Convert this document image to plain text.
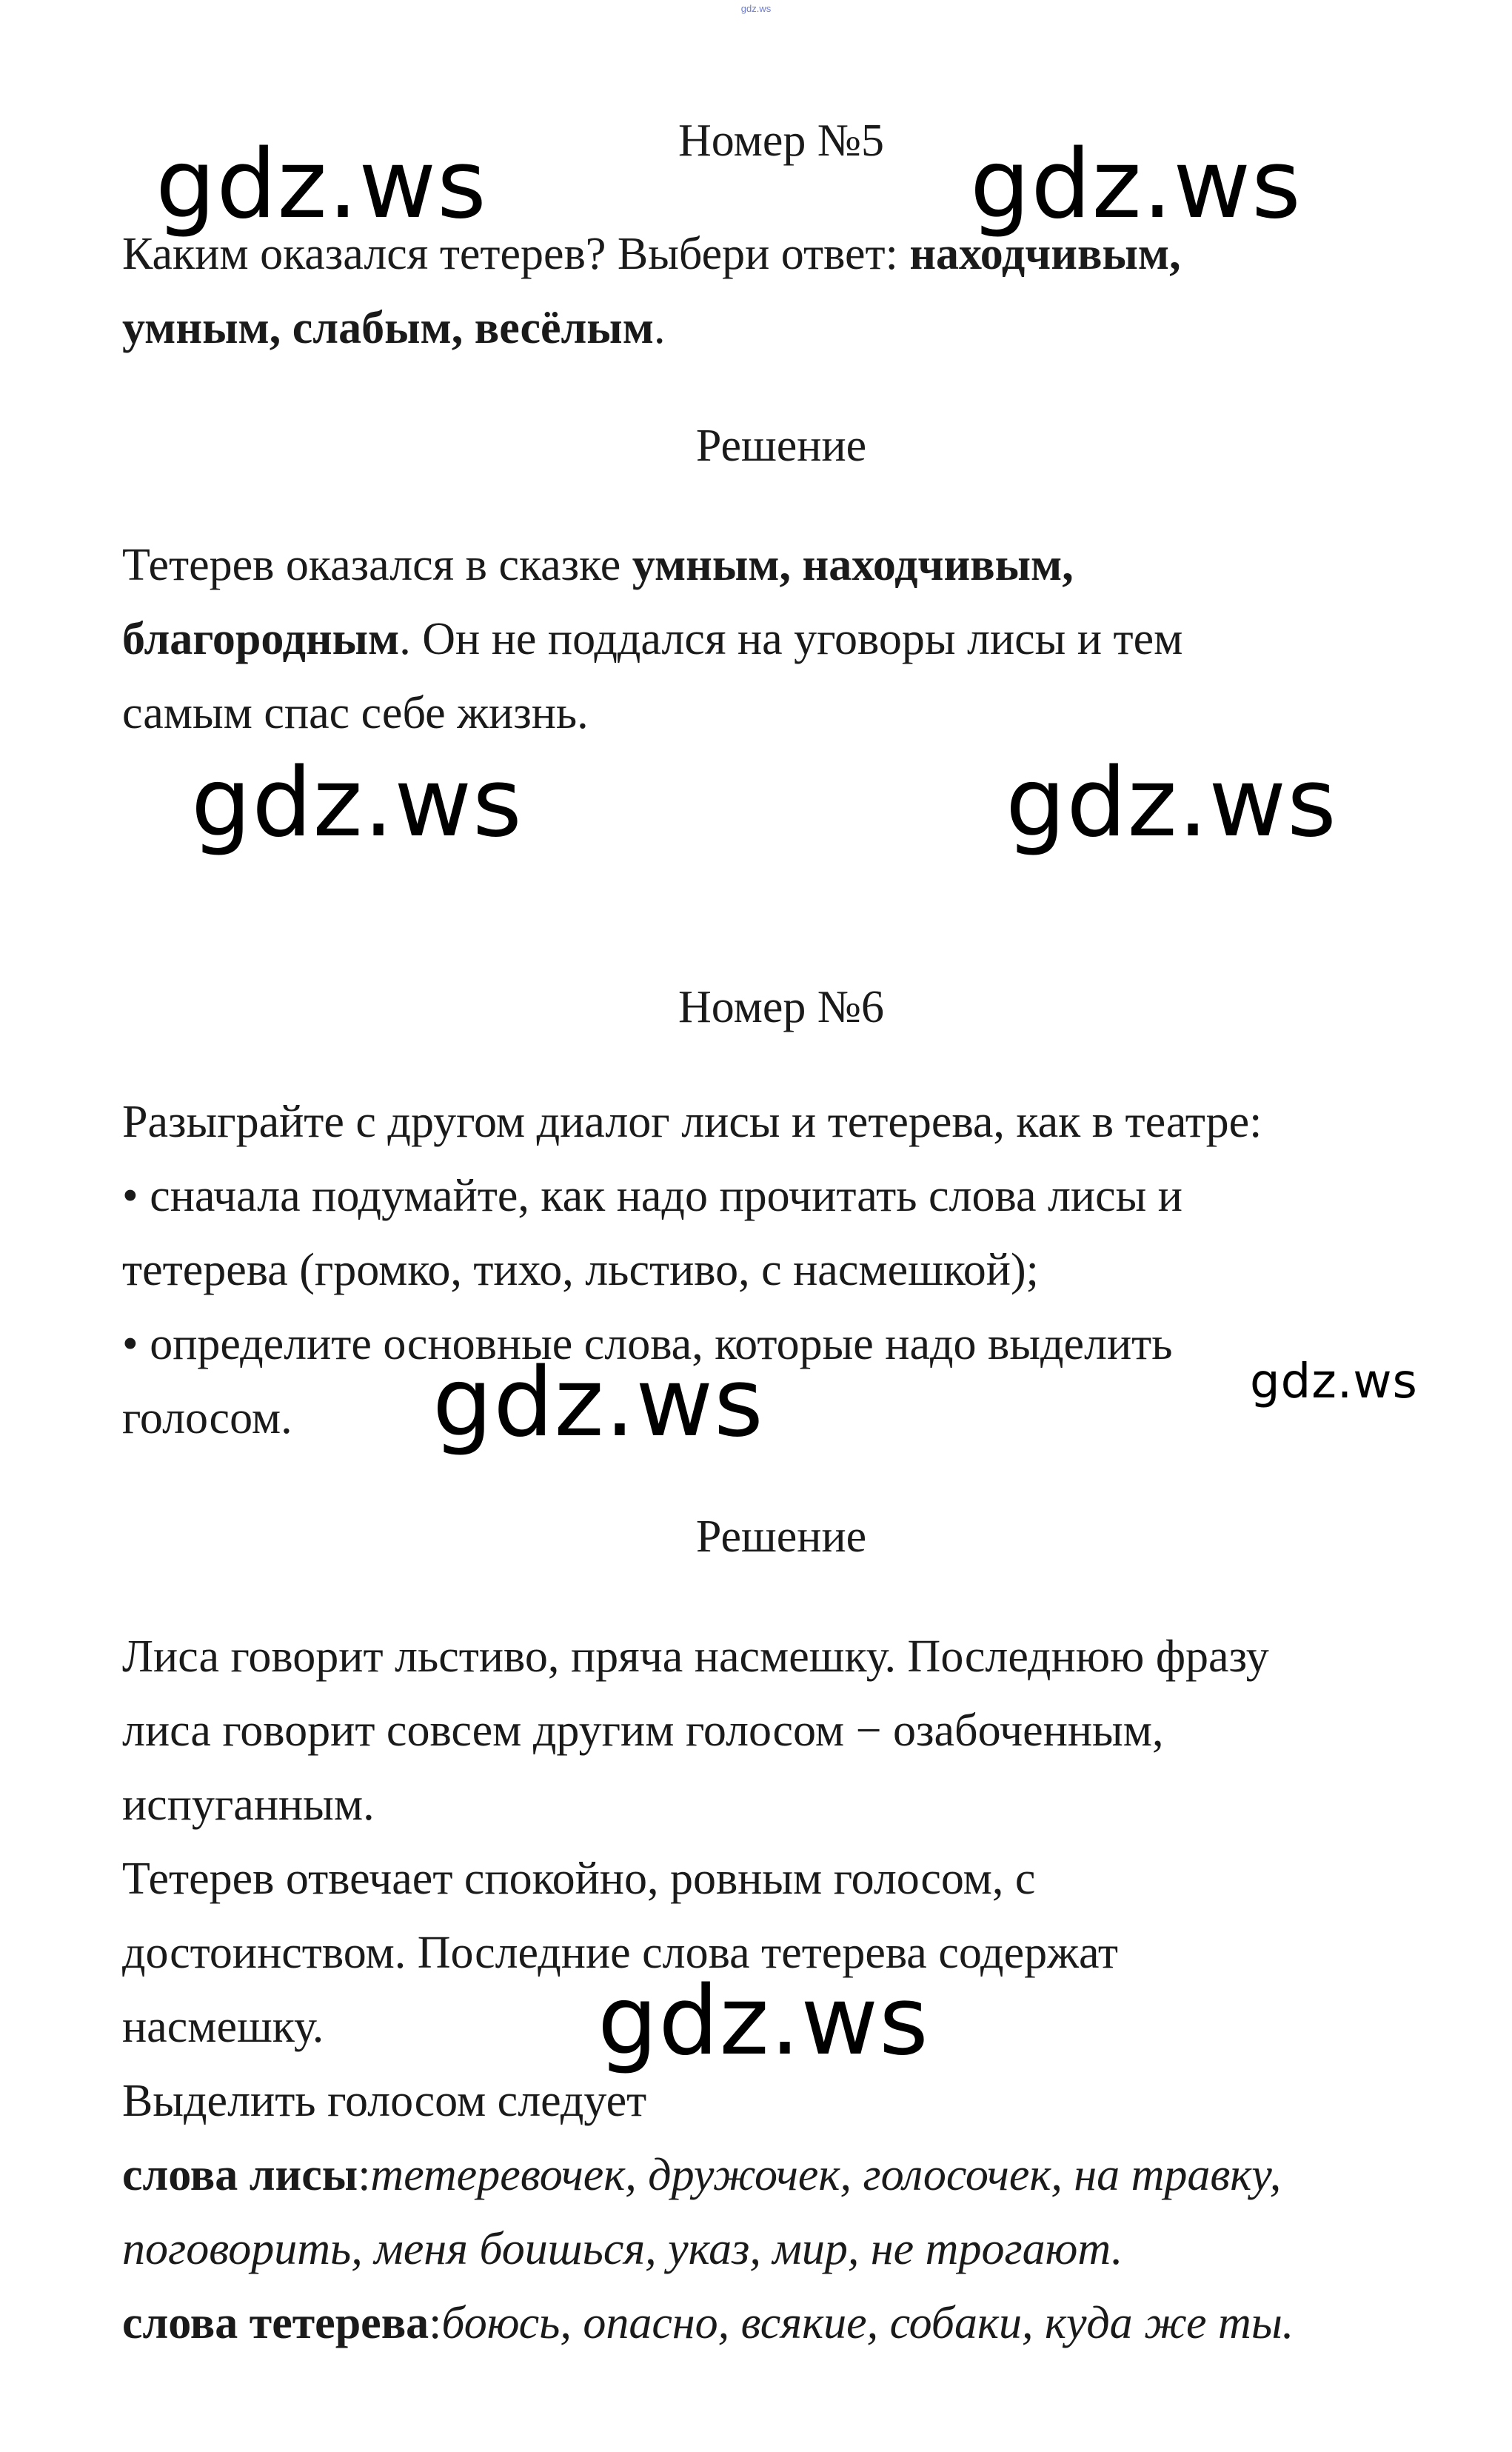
gdz.ws
Номер №5

Каким оказался тетерев? Выбери ответ: находчивым,
умным, слабым, весёлым.

Решение

Тетерев оказался в сказке умным, находчивым,
благородным. Он не поддался на уговоры лисы и тем
самым спас себе жизнь.

Номер №6

Разыграйте с другом диалог лисы и тетерева, как в театре:
• сначала подумайте, как надо прочитать слова лисы и
тетерева (громко, тихо, льстиво, с насмешкой);
• определите основные слова, которые надо выделить
голосом.

Решение

Лиса говорит льстиво, пряча насмешку. Последнюю фразу
лиса говорит совсем другим голосом − озабоченным,
испуганным.
Тетерев отвечает спокойно, ровным голосом, с
достоинством. Последние слова тетерева содержат
насмешку.
Выделить голосом следует
слова лисы:тетеревочек, дружочек, голосочек, на травку,
поговорить, меня боишься, указ, мир, не трогают.
слова тетерева:боюсь, опасно, всякие, собаки, куда же ты.

gdz.ws	gdz.ws
gdz.ws	gdz.ws
gdz.ws	gdz.ws
gdz.ws
